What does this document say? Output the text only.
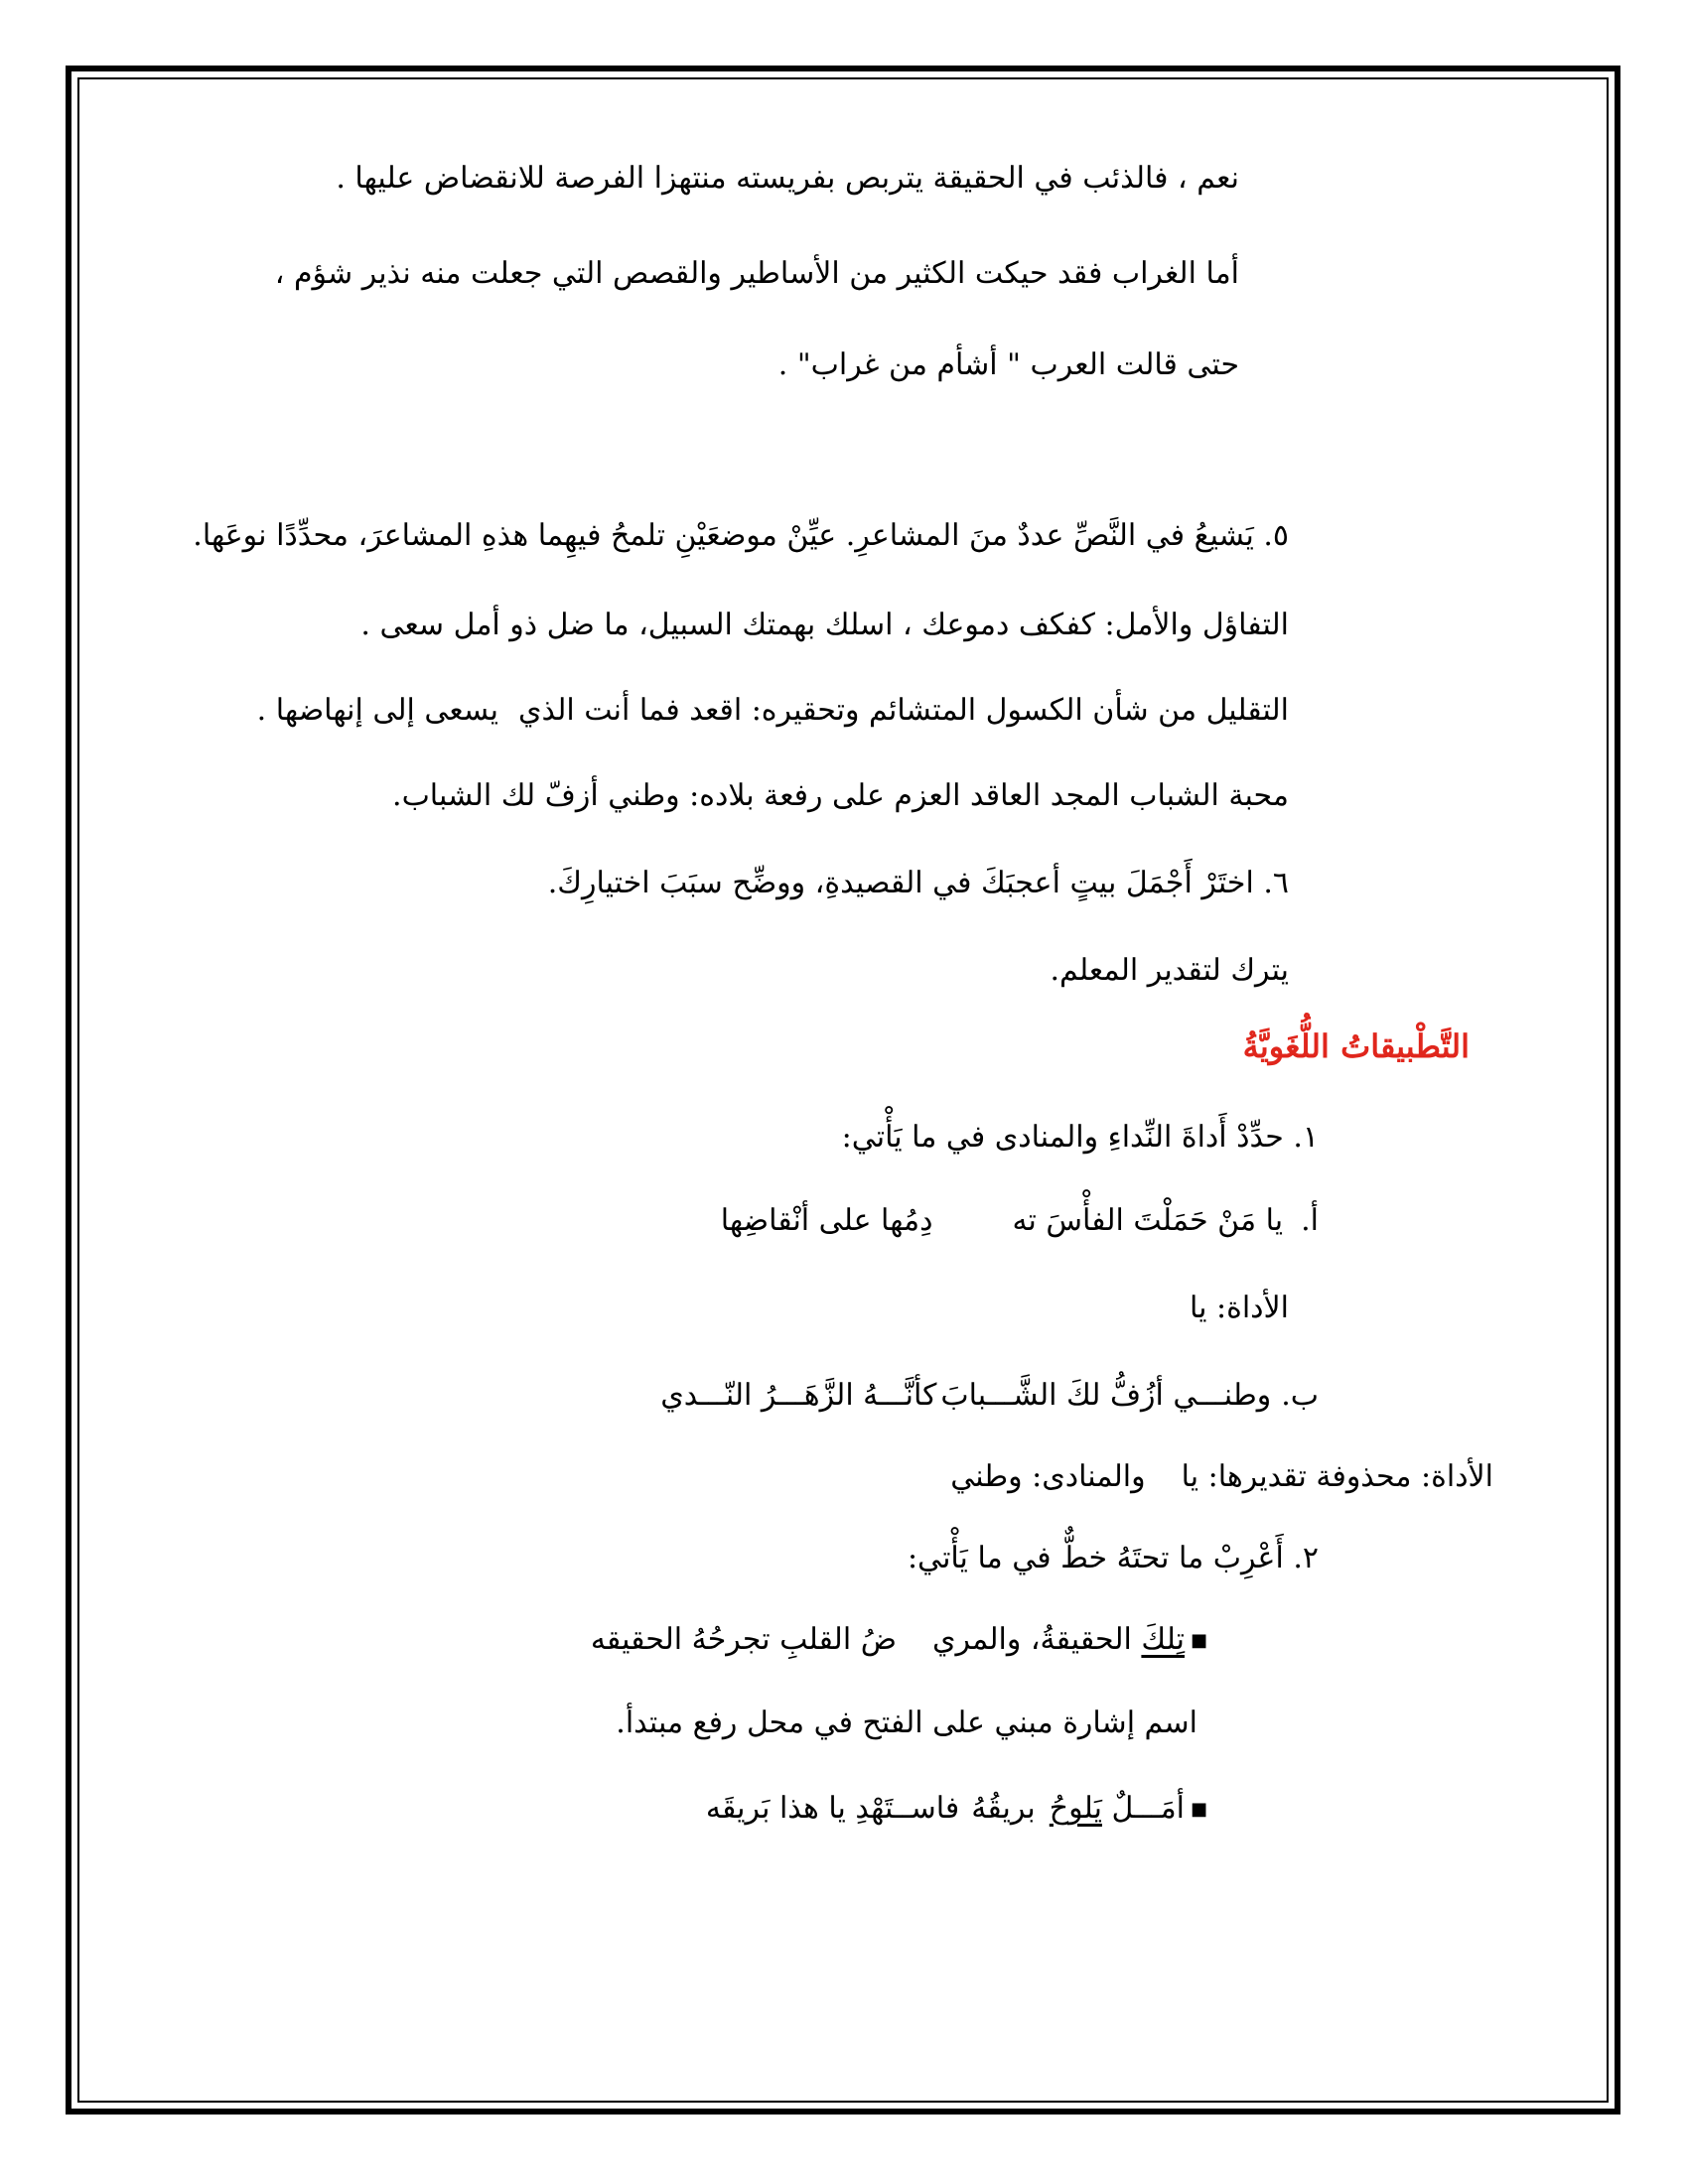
نعم ، فالذئب في الحقيقة يتربص بفريسته منتهزا الفرصة للانقضاض عليها .
أما الغراب فقد حيكت الكثير من الأساطير والقصص التي جعلت منه نذير شؤم ،
حتى قالت العرب " أشأم من غراب" .
٥. يَشيعُ في النَّصِّ عددٌ منَ المشاعرِ. عيِّنْ موضعَيْنِ تلمحُ فيهِما هذهِ المشاعرَ، محدِّدًا نوعَها.
التفاؤل والأمل: كفكف دموعك ، اسلك بهمتك السبيل، ما ضل ذو أمل سعى .
التقليل من شأن الكسول المتشائم وتحقيره: اقعد فما أنت الذييسعى إلى إنهاضها .
محبة الشباب المجد العاقد العزم على رفعة بلاده: وطني أزفّ لك الشباب.
٦. اختَرْ أَجْمَلَ بيتٍ أعجبَكَ في القصيدةِ، ووضِّح سبَبَ اختيارِكَ.
يترك لتقدير المعلم.
التَّطْبيقاتُ اللُّغَويَّةُ
١. حدِّدْ أَداةَ النِّداءِ والمنادى في ما يَأْتي:
أ.يا مَنْ حَمَلْتَ الفأْسَ تهدِمُها على أنْقاضِها
الأداة: يا
ب.وطنـــي أزُفُّ لكَ الشَّـــبابَكأنَّـــهُ الزَّهَـــرُ النّـــدي
الأداة: محذوفة تقديرها: ياوالمنادى: وطني
٢. أَعْرِبْ ما تحتَهُ خطٌّ في ما يَأْتي:
■تِلكَ الحقيقةُ، والمريضُ القلبِ تجرحُهُ الحقيقه
اسم إشارة مبني على الفتح في محل رفع مبتدأ.
■أمَـــلٌ يَلوحُبريقُهُفاســتَهْدِ يا هذا بَريقَه
